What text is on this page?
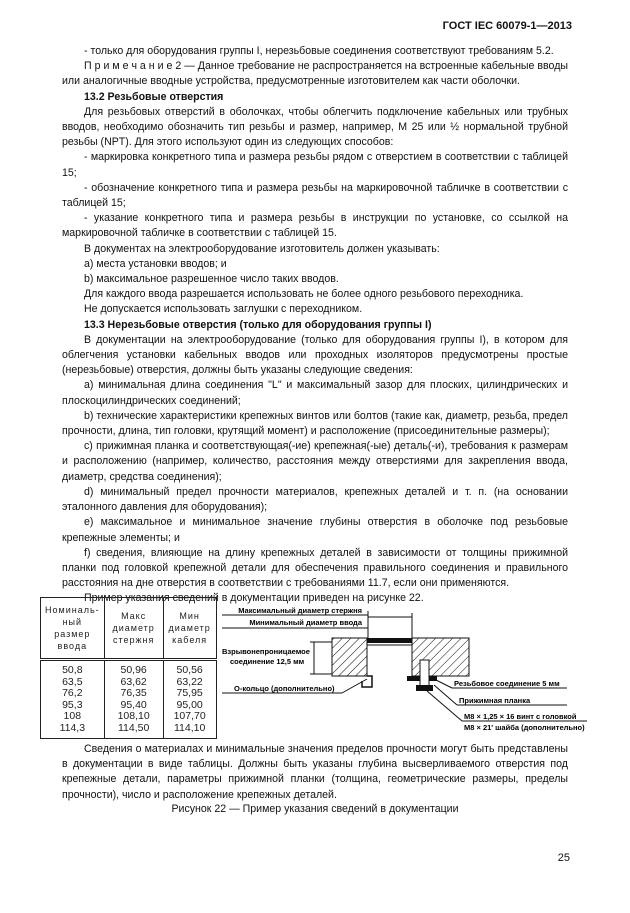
ГОСТ IEC 60079-1—2013

- только для оборудования группы I, нерезьбовые соединения соответствуют требованиям 5.2.

П р и м е ч а н и е 2 — Данное требование не распространяется на встроенные кабельные вводы или аналогичные вводные устройства, предусмотренные изготовителем как части оболочки.

13.2 Резьбовые отверстия

Для резьбовых отверстий в оболочках, чтобы облегчить подключение кабельных или трубных вводов, необходимо обозначить тип резьбы и размер, например, М 25 или ½ нормальной трубной резьбы (NPT). Для этого используют один из следующих способов:

- маркировка конкретного типа и размера резьбы рядом с отверстием в соответствии с таблицей 15;

- обозначение конкретного типа и размера резьбы на маркировочной табличке в соответствии с таблицей 15;

- указание конкретного типа и размера резьбы в инструкции по установке, со ссылкой на маркировочной табличке в соответствии с таблицей 15.

В документах на электрооборудование изготовитель должен указывать:

а) места установки вводов; и

b) максимальное разрешенное число таких вводов.

Для каждого ввода разрешается использовать не более одного резьбового переходника.

Не допускается использовать заглушки с переходником.

13.3 Нерезьбовые отверстия (только для оборудования группы I)

В документации на электрооборудование (только для оборудования группы I), в котором для облегчения установки кабельных вводов или проходных изоляторов предусмотрены простые (нерезьбовые) отверстия, должны быть указаны следующие сведения:

а) минимальная длина соединения "L" и максимальный зазор для плоских, цилиндрических и плоскоцилиндрических соединений;

b) технические характеристики крепежных винтов или болтов (такие как, диаметр, резьба, предел прочности, длина, тип головки, крутящий момент) и расположение (присоединительные размеры);

с) прижимная планка и соответствующая(-ие) крепежная(-ые) деталь(-и), требования к размерам и расположению (например, количество, расстояния между отверстиями для закрепления ввода, диаметр, средства соединения);

d) минимальный предел прочности материалов, крепежных деталей и т. п. (на основании эталонного давления для оборудования);

е) максимальное и минимальное значение глубины отверстия в оболочке под резьбовые крепежные элементы; и

f) сведения, влияющие на длину крепежных деталей в зависимости от толщины прижимной планки под головкой крепежной детали для обеспечения правильного соединения и правильного расстояния на дне отверстия в соответствии с требованиями 11.7, если они применяются.

Пример указания сведений в документации приведен на рисунке 22.

Номиналь-ный размер ввода	Макс диаметр стержня	Мин диаметр кабеля
50,8	50,96	50,56
63,5	63,62	63,22
76,2	76,35	75,95
95,3	95,40	95,00
108	108,10	107,70
114,3	114,50	114,10
Максимальный диаметр стержня
Минимальный диаметр ввода
Взрывонепроницаемое
соединение 12,5 мм
О-кольцо (дополнительно)
Резьбовое соединение 5 мм
Прижимная планка
M8 × 1,25 × 16 винт с головкой
M8 × 21' шайба (дополнительно)
Сведения о материалах и минимальные значения пределов прочности могут быть представлены в документации в виде таблицы. Должны быть указаны глубина высверливаемого отверстия под крепежные детали, параметры прижимной планки (толщина, геометрические размеры, пределы прочности), число и расположение крепежных деталей.
Рисунок 22 — Пример указания сведений в документации
25
